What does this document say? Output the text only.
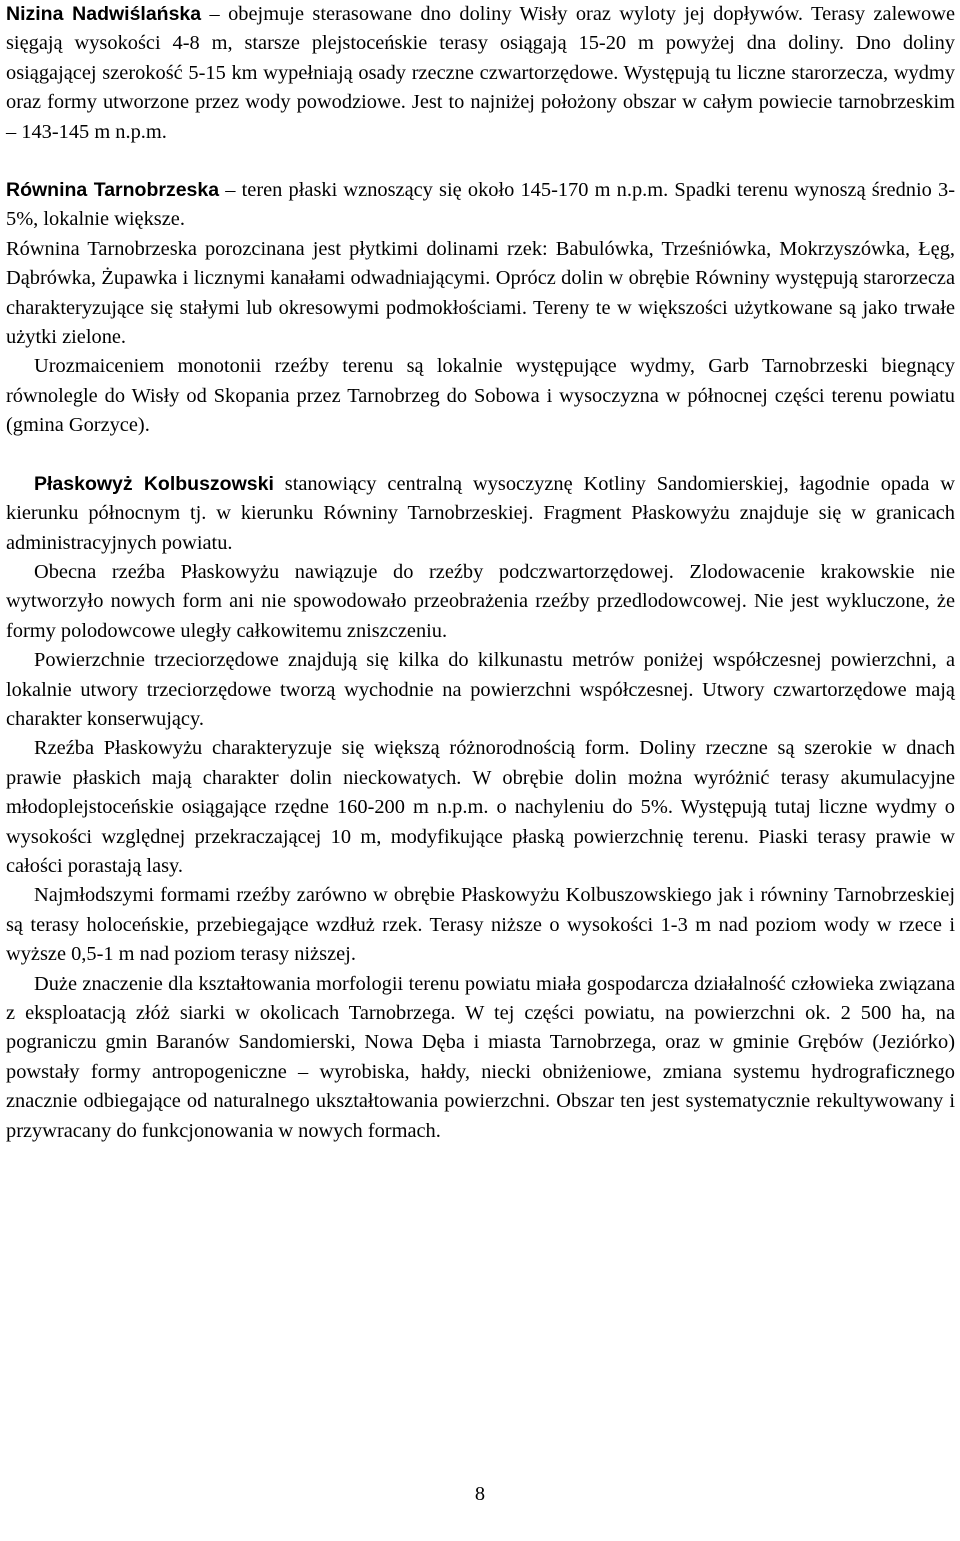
Nizina Nadwiślańska – obejmuje sterasowane dno doliny Wisły oraz wyloty jej dopływów. Terasy zalewowe sięgają wysokości 4-8 m, starsze plejstoceńskie terasy osiągają 15-20 m powyżej dna doliny. Dno doliny osiągającej szerokość 5-15 km wypełniają osady rzeczne czwartorzędowe. Występują tu liczne starorzecza, wydmy oraz formy utworzone przez wody powodziowe. Jest to najniżej położony obszar w całym powiecie tarnobrzeskim – 143-145 m n.p.m.

Równina Tarnobrzeska – teren płaski wznoszący się około 145-170 m n.p.m. Spadki terenu wynoszą średnio 3-5%, lokalnie większe.

Równina Tarnobrzeska porozcinana jest płytkimi dolinami rzek: Babulówka, Trześniówka, Mokrzyszówka, Łęg, Dąbrówka, Żupawka i licznymi kanałami odwadniającymi. Oprócz dolin w obrębie Równiny występują starorzecza charakteryzujące się stałymi lub okresowymi podmokłościami. Tereny te w większości użytkowane są jako trwałe użytki zielone.

Urozmaiceniem monotonii rzeźby terenu są lokalnie występujące wydmy, Garb Tarnobrzeski biegnący równolegle do Wisły od Skopania przez Tarnobrzeg do Sobowa i wysoczyzna w północnej części terenu powiatu (gmina Gorzyce).

Płaskowyż Kolbuszowski stanowiący centralną wysoczyznę Kotliny Sandomierskiej, łagodnie opada w kierunku północnym tj. w kierunku Równiny Tarnobrzeskiej. Fragment Płaskowyżu znajduje się w granicach administracyjnych powiatu.

Obecna rzeźba Płaskowyżu nawiązuje do rzeźby podczwartorzędowej. Zlodowacenie krakowskie nie wytworzyło nowych form ani nie spowodowało przeobrażenia rzeźby przedlodowcowej. Nie jest wykluczone, że formy polodowcowe uległy całkowitemu zniszczeniu.

Powierzchnie trzeciorzędowe znajdują się kilka do kilkunastu metrów poniżej współczesnej powierzchni, a lokalnie utwory trzeciorzędowe tworzą wychodnie na powierzchni współczesnej. Utwory czwartorzędowe mają charakter konserwujący.

Rzeźba Płaskowyżu charakteryzuje się większą różnorodnością form. Doliny rzeczne są szerokie w dnach prawie płaskich mają charakter dolin nieckowatych. W obrębie dolin można wyróżnić terasy akumulacyjne młodoplejstoceńskie osiągające rzędne 160-200 m n.p.m. o nachyleniu do 5%. Występują tutaj liczne wydmy o wysokości względnej przekraczającej 10 m, modyfikujące płaską powierzchnię terenu. Piaski terasy prawie w całości porastają lasy.

Najmłodszymi formami rzeźby zarówno w obrębie Płaskowyżu Kolbuszowskiego jak i równiny Tarnobrzeskiej są terasy holoceńskie, przebiegające wzdłuż rzek. Terasy niższe o wysokości 1-3 m nad poziom wody w rzece i wyższe 0,5-1 m nad poziom terasy niższej.

Duże znaczenie dla kształtowania morfologii terenu powiatu miała gospodarcza działalność człowieka związana z eksploatacją złóż siarki w okolicach Tarnobrzega. W tej części powiatu, na powierzchni ok. 2 500 ha, na pograniczu gmin Baranów Sandomierski, Nowa Dęba i miasta Tarnobrzega, oraz w gminie Grębów (Jeziórko) powstały formy antropogeniczne – wyrobiska, hałdy, niecki obniżeniowe, zmiana systemu hydrograficznego znacznie odbiegające od naturalnego ukształtowania powierzchni. Obszar ten jest systematycznie rekultywowany i przywracany do funkcjonowania w nowych formach.

8
